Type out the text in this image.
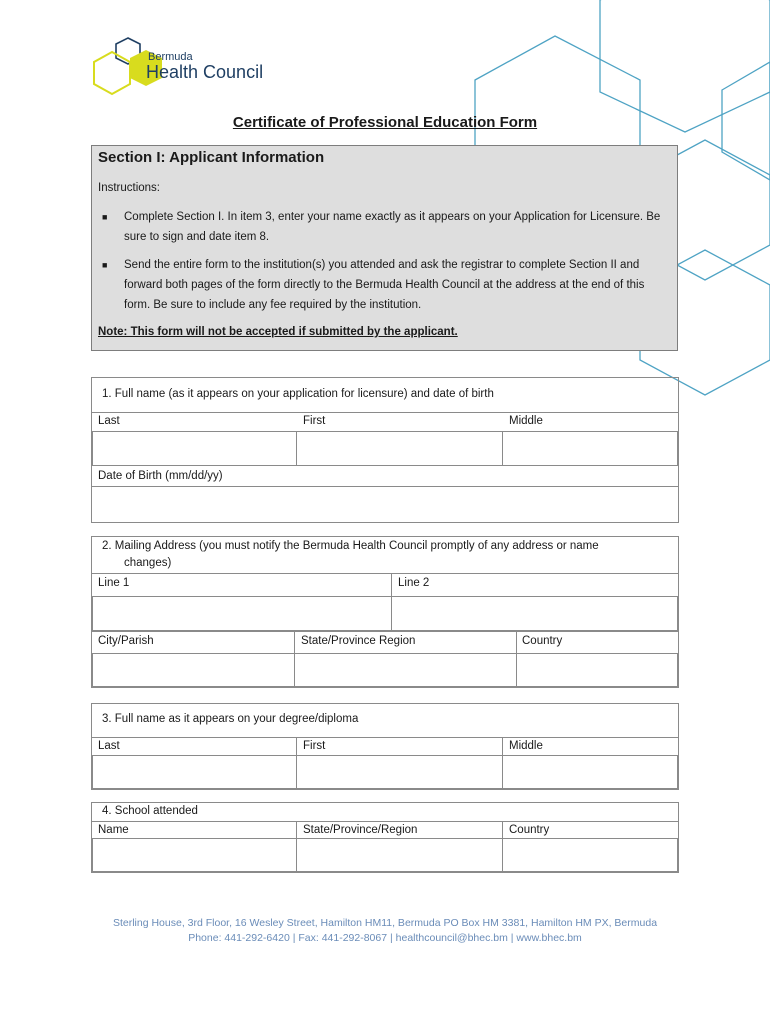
Bermuda
Health Council
Certificate of Professional Education Form
Section I: Applicant Information
Instructions:
■ Complete Section I. In item 3, enter your name exactly as it appears on your Application for Licensure. Be sure to sign and date item 8.
■ Send the entire form to the institution(s) you attended and ask the registrar to complete Section II and forward both pages of the form directly to the Bermuda Health Council at the address at the end of this form. Be sure to include any fee required by the institution.
Note: This form will not be accepted if submitted by the applicant.
1. Full name (as it appears on your application for licensure) and date of birth
Last	First	Middle
Date of Birth (mm/dd/yy)
2. Mailing Address (you must notify the Bermuda Health Council promptly of any address or name
changes)
Line 1	Line 2
City/Parish	State/Province Region	Country
3. Full name as it appears on your degree/diploma
Last	First	Middle
4. School attended
Name	State/Province/Region	Country
Sterling House, 3rd Floor, 16 Wesley Street, Hamilton HM11, Bermuda PO Box HM 3381, Hamilton HM PX, Bermuda
Phone: 441-292-6420 | Fax: 441-292-8067 | healthcouncil@bhec.bm | www.bhec.bm
